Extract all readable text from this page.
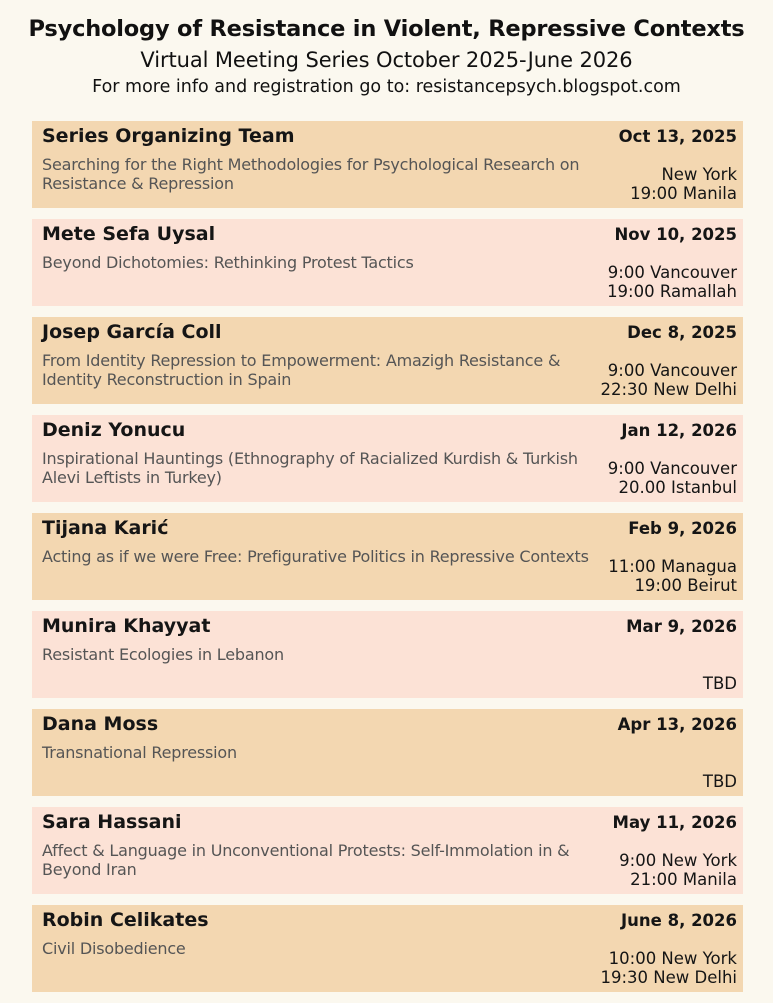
Psychology of Resistance in Violent, Repressive Contexts
Virtual Meeting Series October 2025-June 2026
For more info and registration go to: resistancepsych.blogspot.com
Series Organizing Team	Oct 13, 2025
Searching for the Right Methodologies for Psychological Research on Resistance & Repression	New York
19:00 Manila
Mete Sefa Uysal	Nov 10, 2025
Beyond Dichotomies: Rethinking Protest Tactics
9:00 Vancouver
19:00 Ramallah
Josep García Coll	Dec 8, 2025
From Identity Repression to Empowerment: Amazigh Resistance & Identity Reconstruction in Spain	9:00 Vancouver
22:30 New Delhi
Deniz Yonucu	Jan 12, 2026
Inspirational Hauntings (Ethnography of Racialized Kurdish & Turkish Alevi Leftists in Turkey)	9:00 Vancouver
20.00 Istanbul
Tijana Karić	Feb 9, 2026
Acting as if we were Free: Prefigurative Politics in Repressive Contexts
11:00 Managua
19:00 Beirut
Munira Khayyat	Mar 9, 2026
Resistant Ecologies in Lebanon
TBD
Dana Moss	Apr 13, 2026
Transnational Repression
TBD
Sara Hassani	May 11, 2026
Affect & Language in Unconventional Protests: Self-Immolation in & Beyond Iran	9:00 New York
21:00 Manila
Robin Celikates	June 8, 2026
Civil Disobedience
10:00 New York
19:30 New Delhi
